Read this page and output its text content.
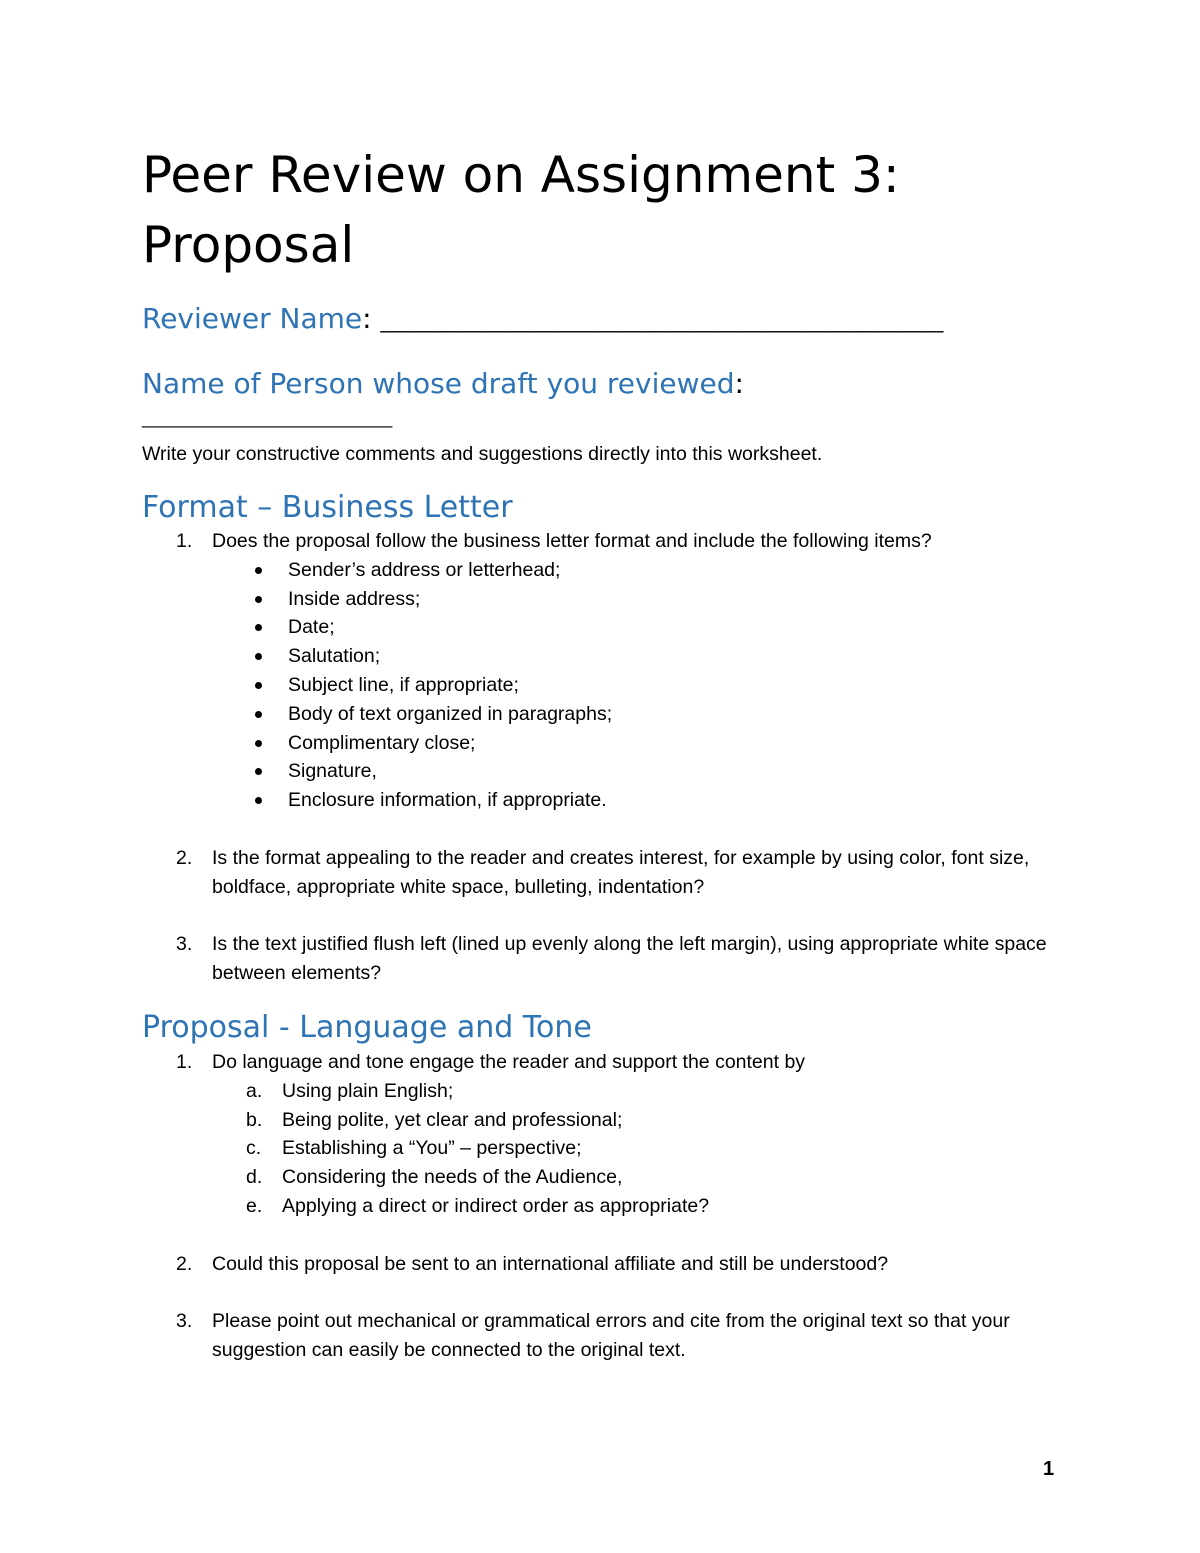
Peer Review on Assignment 3: Proposal
Reviewer Name: ______________________________________________
Name of Person whose draft you reviewed:
_________________________
Write your constructive comments and suggestions directly into this worksheet.
Format – Business Letter
1. Does the proposal follow the business letter format and include the following items?
Sender’s address or letterhead;
Inside address;
Date;
Salutation;
Subject line, if appropriate;
Body of text organized in paragraphs;
Complimentary close;
Signature,
Enclosure information, if appropriate.
2. Is the format appealing to the reader and creates interest, for example by using color, font size, boldface, appropriate white space, bulleting, indentation?
3. Is the text justified flush left (lined up evenly along the left margin), using appropriate white space between elements?
Proposal - Language and Tone
1. Do language and tone engage the reader and support the content by
a. Using plain English;
b. Being polite, yet clear and professional;
c. Establishing a “You” – perspective;
d. Considering the needs of the Audience,
e. Applying a direct or indirect order as appropriate?
2. Could this proposal be sent to an international affiliate and still be understood?
3. Please point out mechanical or grammatical errors and cite from the original text so that your suggestion can easily be connected to the original text.
1
